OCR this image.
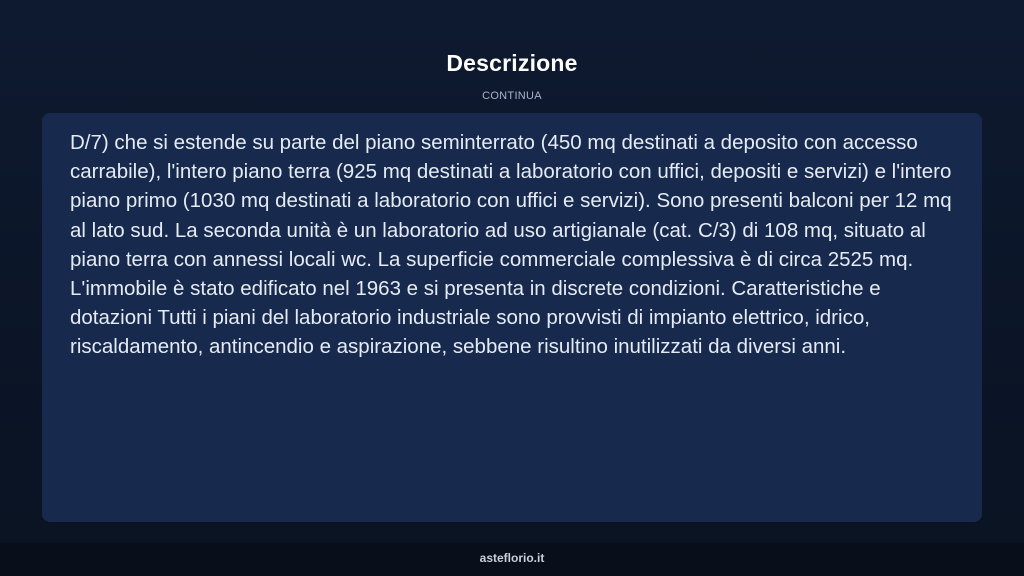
Descrizione
CONTINUA

D/7) che si estende su parte del piano seminterrato (450 mq destinati a deposito con accesso carrabile), l'intero piano terra (925 mq destinati a laboratorio con uffici, depositi e servizi) e l'intero piano primo (1030 mq destinati a laboratorio con uffici e servizi). Sono presenti balconi per 12 mq al lato sud. La seconda unità è un laboratorio ad uso artigianale (cat. C/3) di 108 mq, situato al piano terra con annessi locali wc. La superficie commerciale complessiva è di circa 2525 mq. L'immobile è stato edificato nel 1963 e si presenta in discrete condizioni. Caratteristiche e dotazioni Tutti i piani del laboratorio industriale sono provvisti di impianto elettrico, idrico, riscaldamento, antincendio e aspirazione, sebbene risultino inutilizzati da diversi anni.

asteflorio.it
